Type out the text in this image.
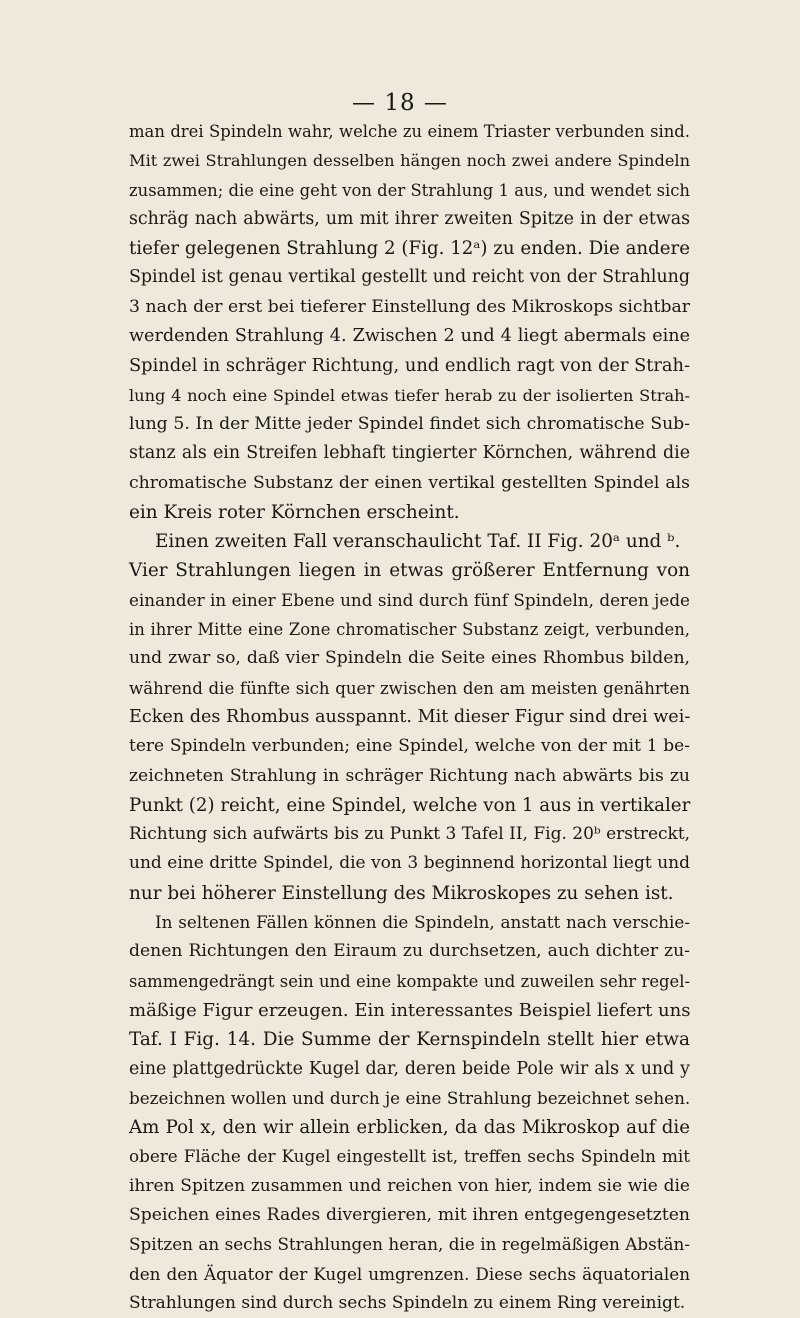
— 18 —
man drei Spindeln wahr, welche zu einem Triaster verbunden sind.
Mit zwei Strahlungen desselben hängen noch zwei andere Spindeln
zusammen; die eine geht von der Strahlung 1 aus, und wendet sich
schräg nach abwärts, um mit ihrer zweiten Spitze in der etwas
tiefer gelegenen Strahlung 2 (Fig. 12ᵃ) zu enden. Die andere
Spindel ist genau vertikal gestellt und reicht von der Strahlung
3 nach der erst bei tieferer Einstellung des Mikroskops sichtbar
werdenden Strahlung 4. Zwischen 2 und 4 liegt abermals eine
Spindel in schräger Richtung, und endlich ragt von der Strah-
lung 4 noch eine Spindel etwas tiefer herab zu der isolierten Strah-
lung 5. In der Mitte jeder Spindel findet sich chromatische Sub-
stanz als ein Streifen lebhaft tingierter Körnchen, während die
chromatische Substanz der einen vertikal gestellten Spindel als
ein Kreis roter Körnchen erscheint.
Einen zweiten Fall veranschaulicht Taf. II Fig. 20ᵃ und ᵇ.
Vier Strahlungen liegen in etwas größerer Entfernung von
einander in einer Ebene und sind durch fünf Spindeln, deren jede
in ihrer Mitte eine Zone chromatischer Substanz zeigt, verbunden,
und zwar so, daß vier Spindeln die Seite eines Rhombus bilden,
während die fünfte sich quer zwischen den am meisten genährten
Ecken des Rhombus ausspannt. Mit dieser Figur sind drei wei-
tere Spindeln verbunden; eine Spindel, welche von der mit 1 be-
zeichneten Strahlung in schräger Richtung nach abwärts bis zu
Punkt (2) reicht, eine Spindel, welche von 1 aus in vertikaler
Richtung sich aufwärts bis zu Punkt 3 Tafel II, Fig. 20ᵇ erstreckt,
und eine dritte Spindel, die von 3 beginnend horizontal liegt und
nur bei höherer Einstellung des Mikroskopes zu sehen ist.
In seltenen Fällen können die Spindeln, anstatt nach verschie-
denen Richtungen den Eiraum zu durchsetzen, auch dichter zu-
sammengedrängt sein und eine kompakte und zuweilen sehr regel-
mäßige Figur erzeugen. Ein interessantes Beispiel liefert uns
Taf. I Fig. 14. Die Summe der Kernspindeln stellt hier etwa
eine plattgedrückte Kugel dar, deren beide Pole wir als x und y
bezeichnen wollen und durch je eine Strahlung bezeichnet sehen.
Am Pol x, den wir allein erblicken, da das Mikroskop auf die
obere Fläche der Kugel eingestellt ist, treffen sechs Spindeln mit
ihren Spitzen zusammen und reichen von hier, indem sie wie die
Speichen eines Rades divergieren, mit ihren entgegengesetzten
Spitzen an sechs Strahlungen heran, die in regelmäßigen Abstän-
den den Äquator der Kugel umgrenzen. Diese sechs äquatorialen
Strahlungen sind durch sechs Spindeln zu einem Ring vereinigt.
